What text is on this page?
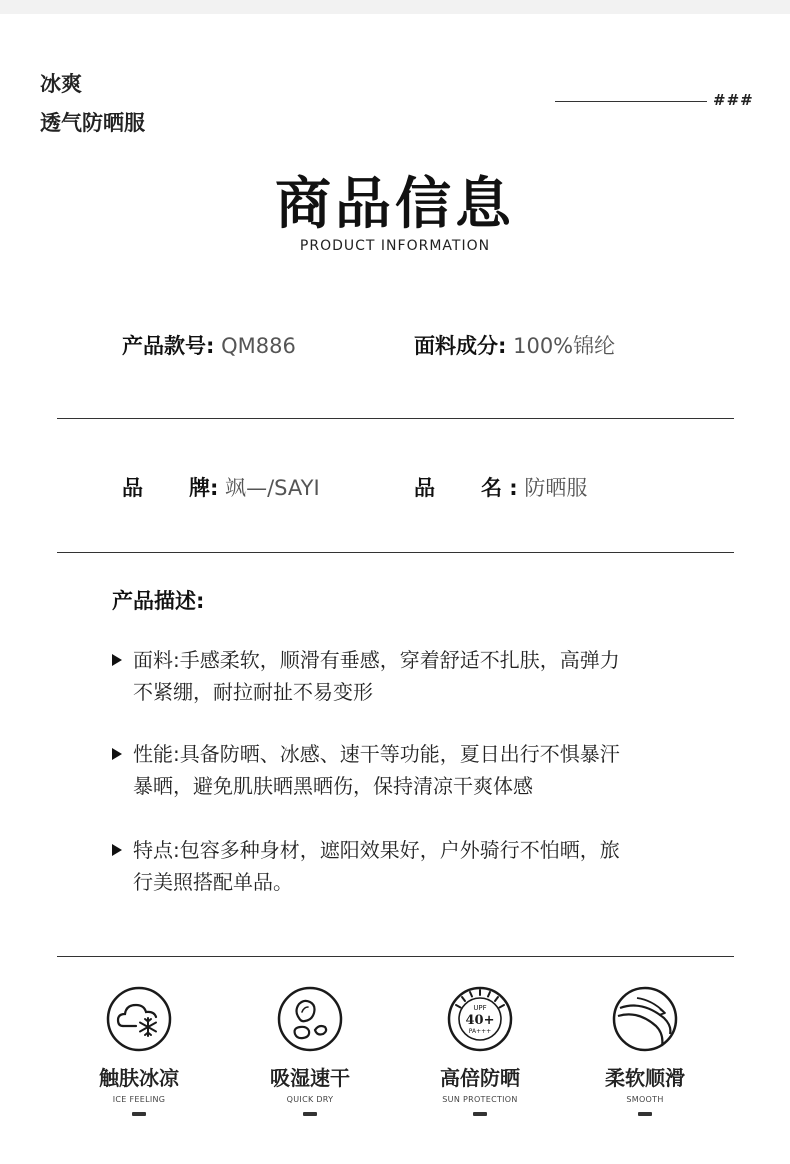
冰爽
透气防晒服
###
商品信息
PRODUCT INFORMATION
产品款号: QM886	面料成分: 100%锦纶
品 牌: 飒—/SAYI	品 名 : 防晒服
产品描述:
面料:手感柔软，顺滑有垂感，穿着舒适不扎肤，高弹力
不紧绷，耐拉耐扯不易变形
性能:具备防晒、冰感、速干等功能，夏日出行不惧暴汗
暴晒，避免肌肤晒黑晒伤，保持清凉干爽体感
特点:包容多种身材，遮阳效果好，户外骑行不怕晒，旅
行美照搭配单品。
触肤冰凉
ICE FEELING
吸湿速干
QUICK DRY
UPF
40+
PA+++
高倍防晒
SUN PROTECTION
柔软顺滑
SMOOTH
